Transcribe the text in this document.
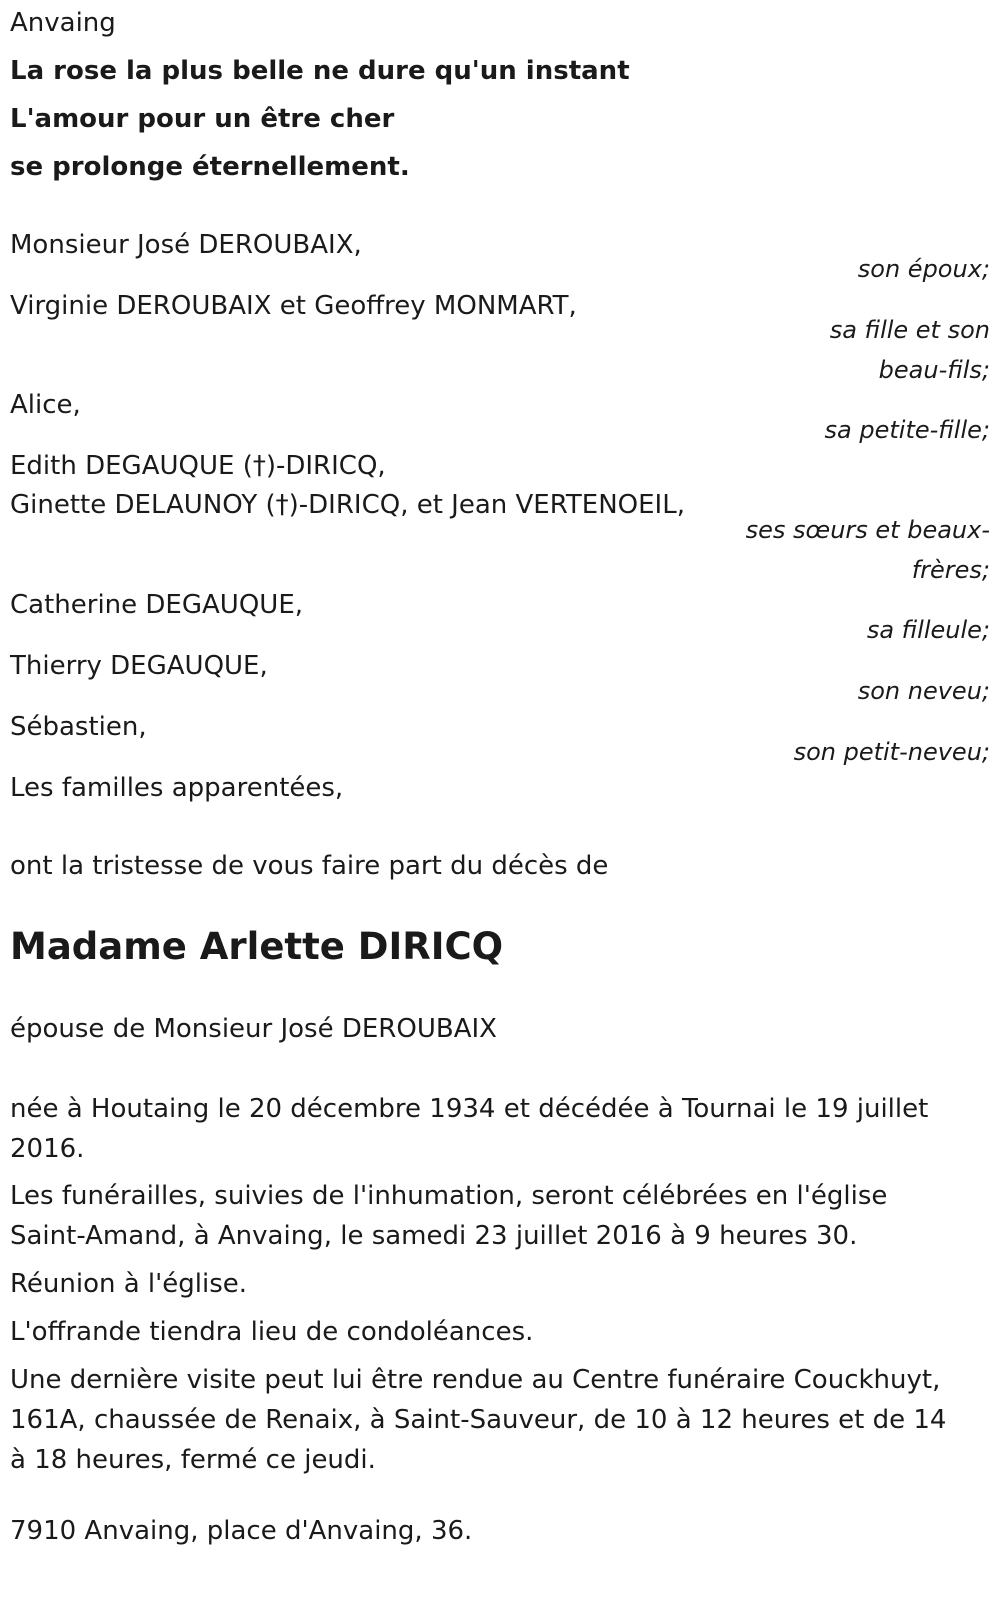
Anvaing

La rose la plus belle ne dure qu'un instant

L'amour pour un être cher

se prolonge éternellement.

Monsieur José DEROUBAIX,

son époux;

Virginie DEROUBAIX et Geoffrey MONMART,

sa fille et son beau-fils;

Alice,

sa petite-fille;

Edith DEGAUQUE (†)-DIRICQ,

Ginette DELAUNOY (†)-DIRICQ, et Jean VERTENOEIL,

ses sœurs et beaux-frères;

Catherine DEGAUQUE,

sa filleule;

Thierry DEGAUQUE,

son neveu;

Sébastien,

son petit-neveu;

Les familles apparentées,

ont la tristesse de vous faire part du décès de

Madame Arlette DIRICQ

épouse de Monsieur José DEROUBAIX

née à Houtaing le 20 décembre 1934 et décédée à Tournai le 19 juillet 2016.

Les funérailles, suivies de l'inhumation, seront célébrées en l'église Saint-Amand, à Anvaing, le samedi 23 juillet 2016 à 9 heures 30.

Réunion à l'église.

L'offrande tiendra lieu de condoléances.

Une dernière visite peut lui être rendue au Centre funéraire Couckhuyt, 161A, chaussée de Renaix, à Saint-Sauveur, de 10 à 12 heures et de 14 à 18 heures, fermé ce jeudi.

7910 Anvaing, place d'Anvaing, 36.
